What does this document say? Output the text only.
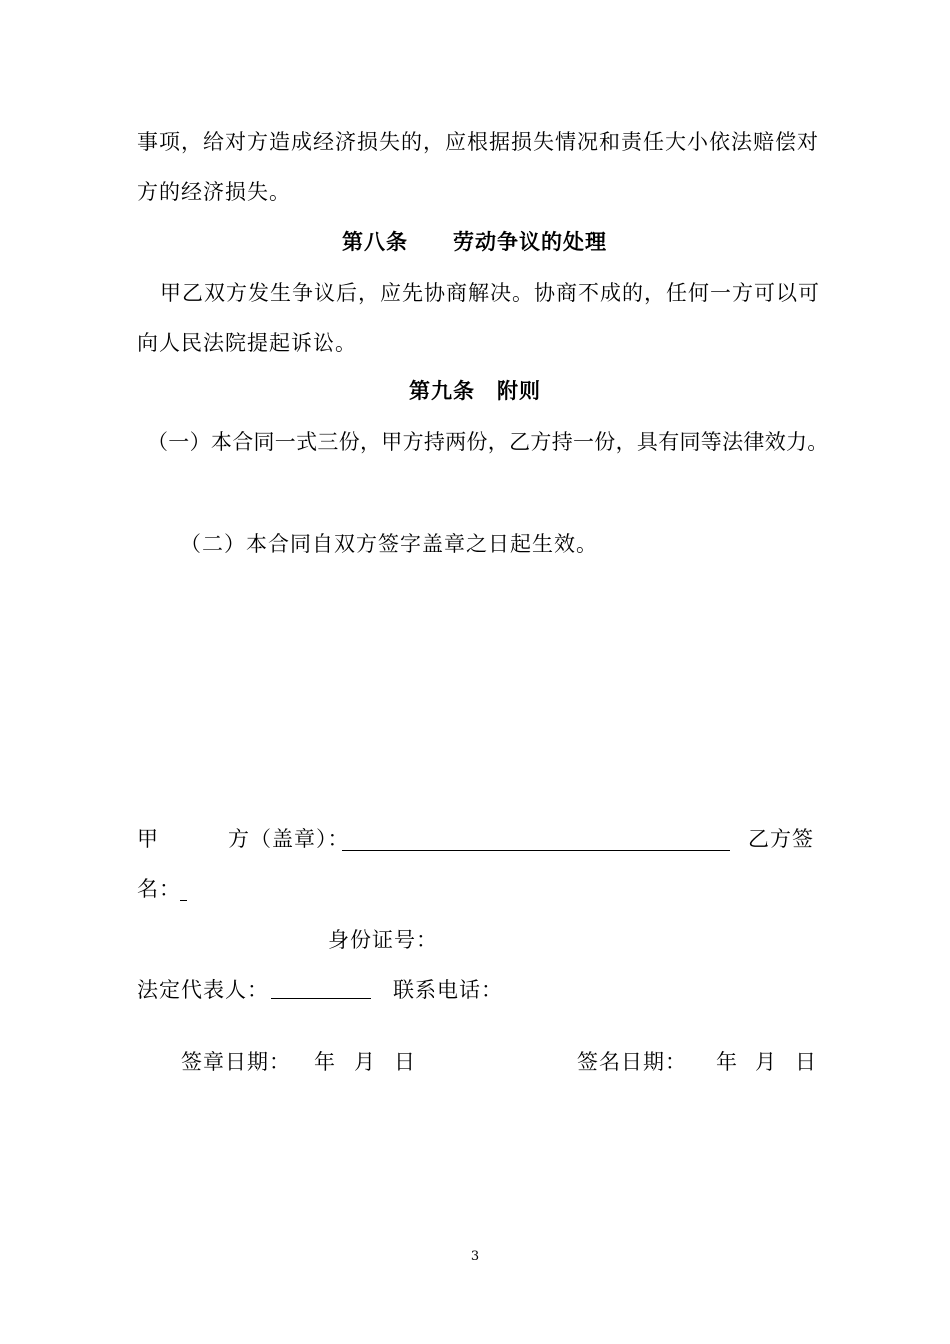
事项，给对方造成经济损失的，应根据损失情况和责任大小依法赔偿对
方的经济损失。
第八条 劳动争议的处理
甲乙双方发生争议后，应先协商解决。协商不成的，任何一方可以可
向人民法院提起诉讼。
第九条 附则
（一）本合同一式三份，甲方持两份，乙方持一份，具有同等法律效力。
（二）本合同自双方签字盖章之日起生效。
甲	方（盖章）：	乙方签
名：
身份证号：
法定代表人：	联系电话：
签章日期： 年 月 日	签名日期： 年 月 日
3
